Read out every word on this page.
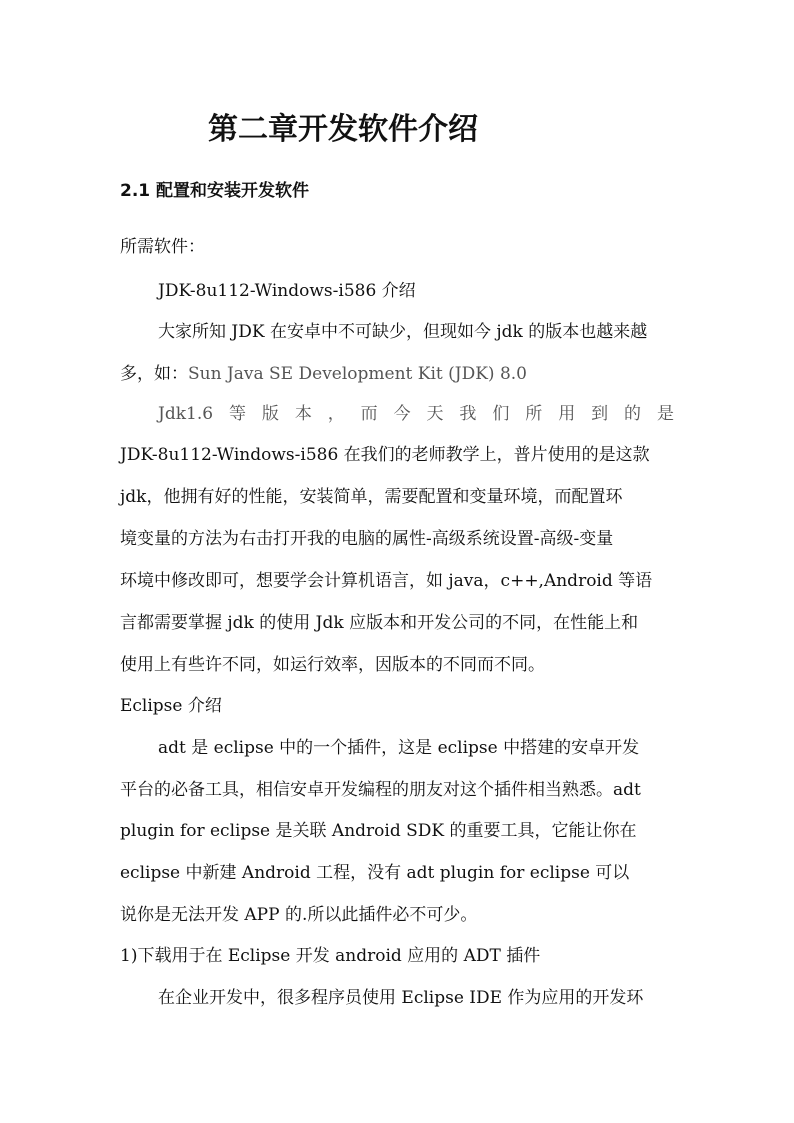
第二章开发软件介绍
2.1 配置和安装开发软件
所需软件：
JDK-8u112-Windows-i586 介绍
大家所知 JDK 在安卓中不可缺少，但现如今 jdk 的版本也越来越
多，如：Sun Java SE Development Kit (JDK) 8.0
Jdk1.6 等 版 本 ， 而 今 天 我 们 所 用 到 的 是
JDK-8u112-Windows-i586 在我们的老师教学上，普片使用的是这款
jdk，他拥有好的性能，安装简单，需要配置和变量环境，而配置环
境变量的方法为右击打开我的电脑的属性-高级系统设置-高级-变量
环境中修改即可，想要学会计算机语言，如 java，c++,Android 等语
言都需要掌握 jdk 的使用 Jdk 应版本和开发公司的不同，在性能上和
使用上有些许不同，如运行效率，因版本的不同而不同。
Eclipse 介绍
adt 是 eclipse 中的一个插件，这是 eclipse 中搭建的安卓开发
平台的必备工具，相信安卓开发编程的朋友对这个插件相当熟悉。adt
plugin for eclipse 是关联 Android SDK 的重要工具，它能让你在
eclipse 中新建 Android 工程，没有 adt plugin for eclipse 可以
说你是无法开发 APP 的.所以此插件必不可少。
1)下载用于在 Eclipse 开发 android 应用的 ADT 插件
在企业开发中，很多程序员使用 Eclipse IDE 作为应用的开发环
